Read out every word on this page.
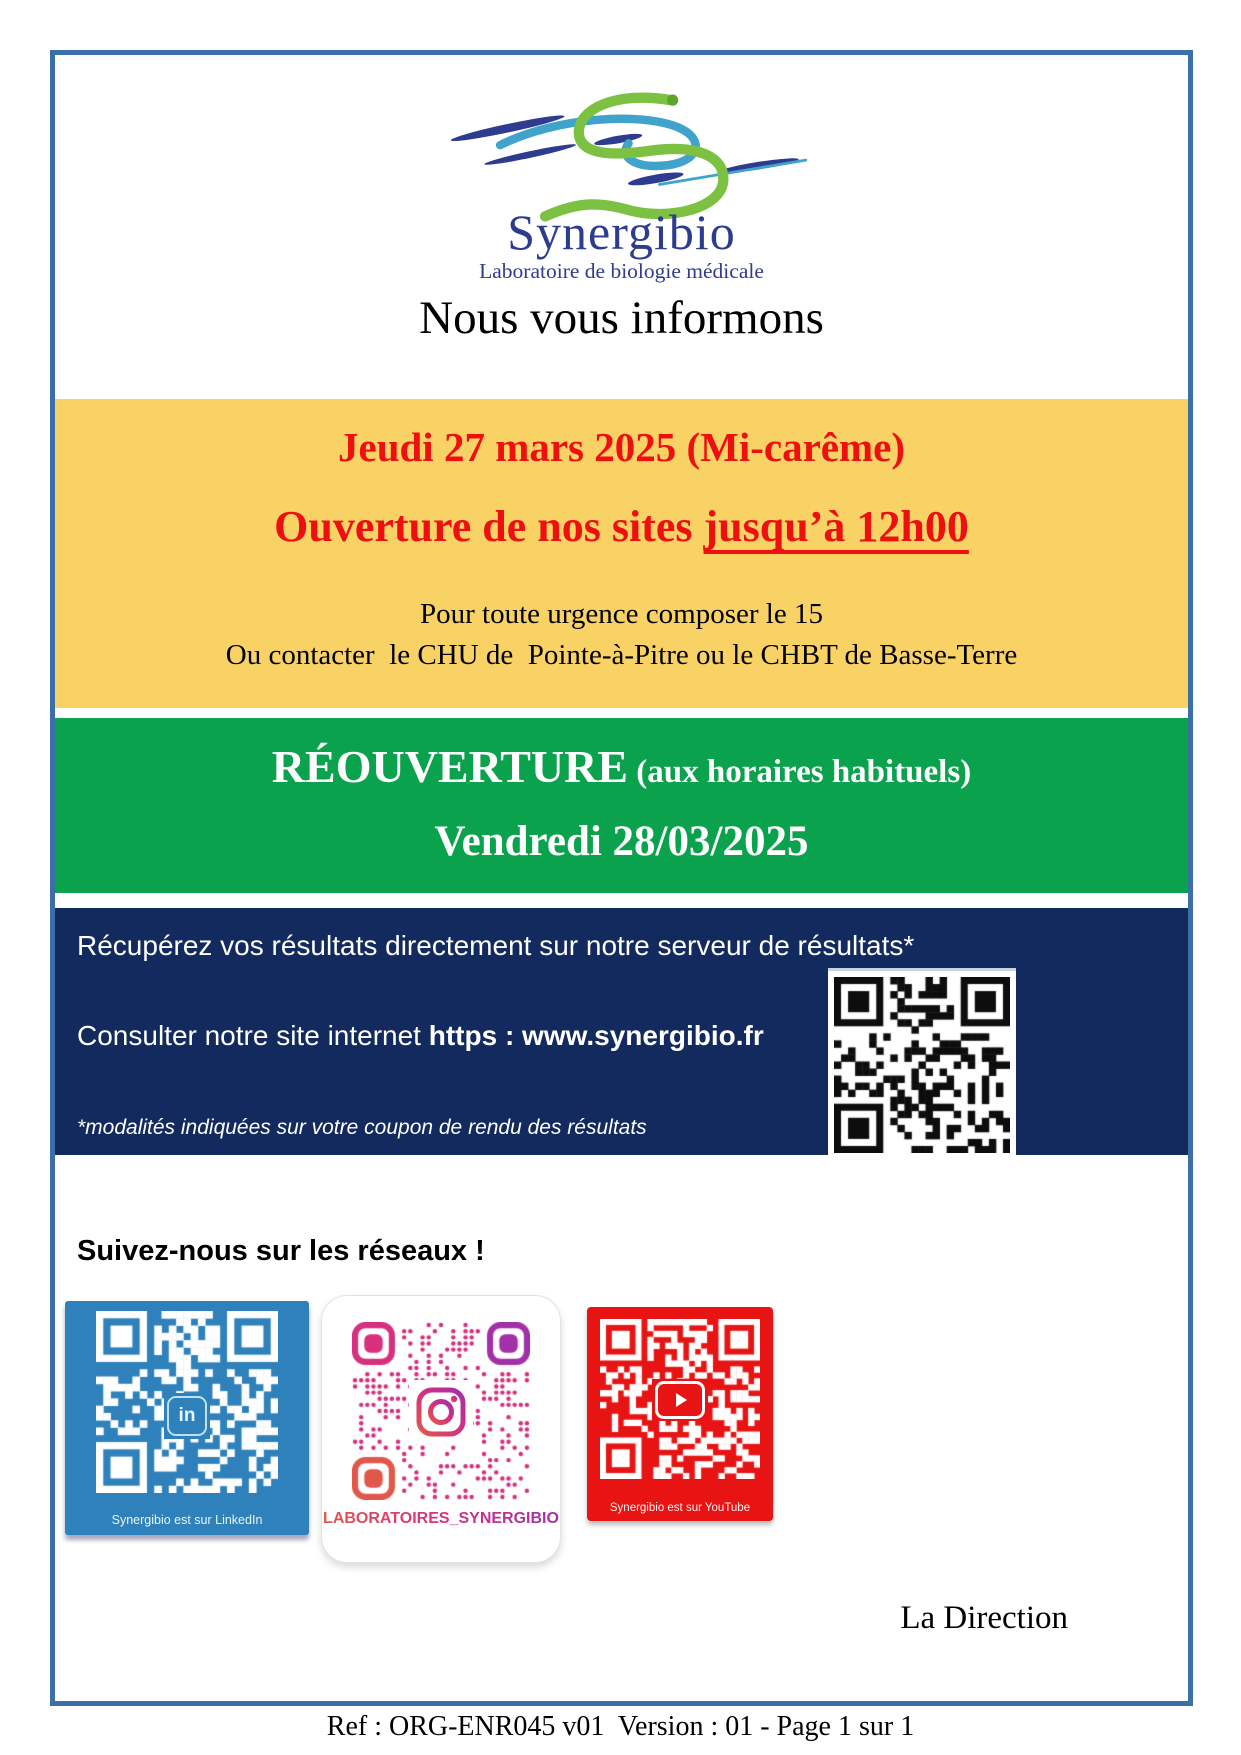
Synergibio
Laboratoire de biologie médicale
Nous vous informons
Jeudi 27 mars 2025 (Mi-carême)
Ouverture de nos sites jusqu’à 12h00
Pour toute urgence composer le 15
Ou contacter  le CHU de  Pointe-à-Pitre ou le CHBT de Basse-Terre
RÉOUVERTURE (aux horaires habituels)
Vendredi 28/03/2025
Récupérez vos résultats directement sur notre serveur de résultats*
Consulter notre site internet https : www.synergibio.fr
*modalités indiquées sur votre coupon de rendu des résultats
Suivez-nous sur les réseaux !
in
Synergibio est sur LinkedIn	LABORATOIRES_SYNERGIBIO
Synergibio est sur YouTube
La Direction
Ref : ORG-ENR045 v01  Version : 01 - Page 1 sur 1
